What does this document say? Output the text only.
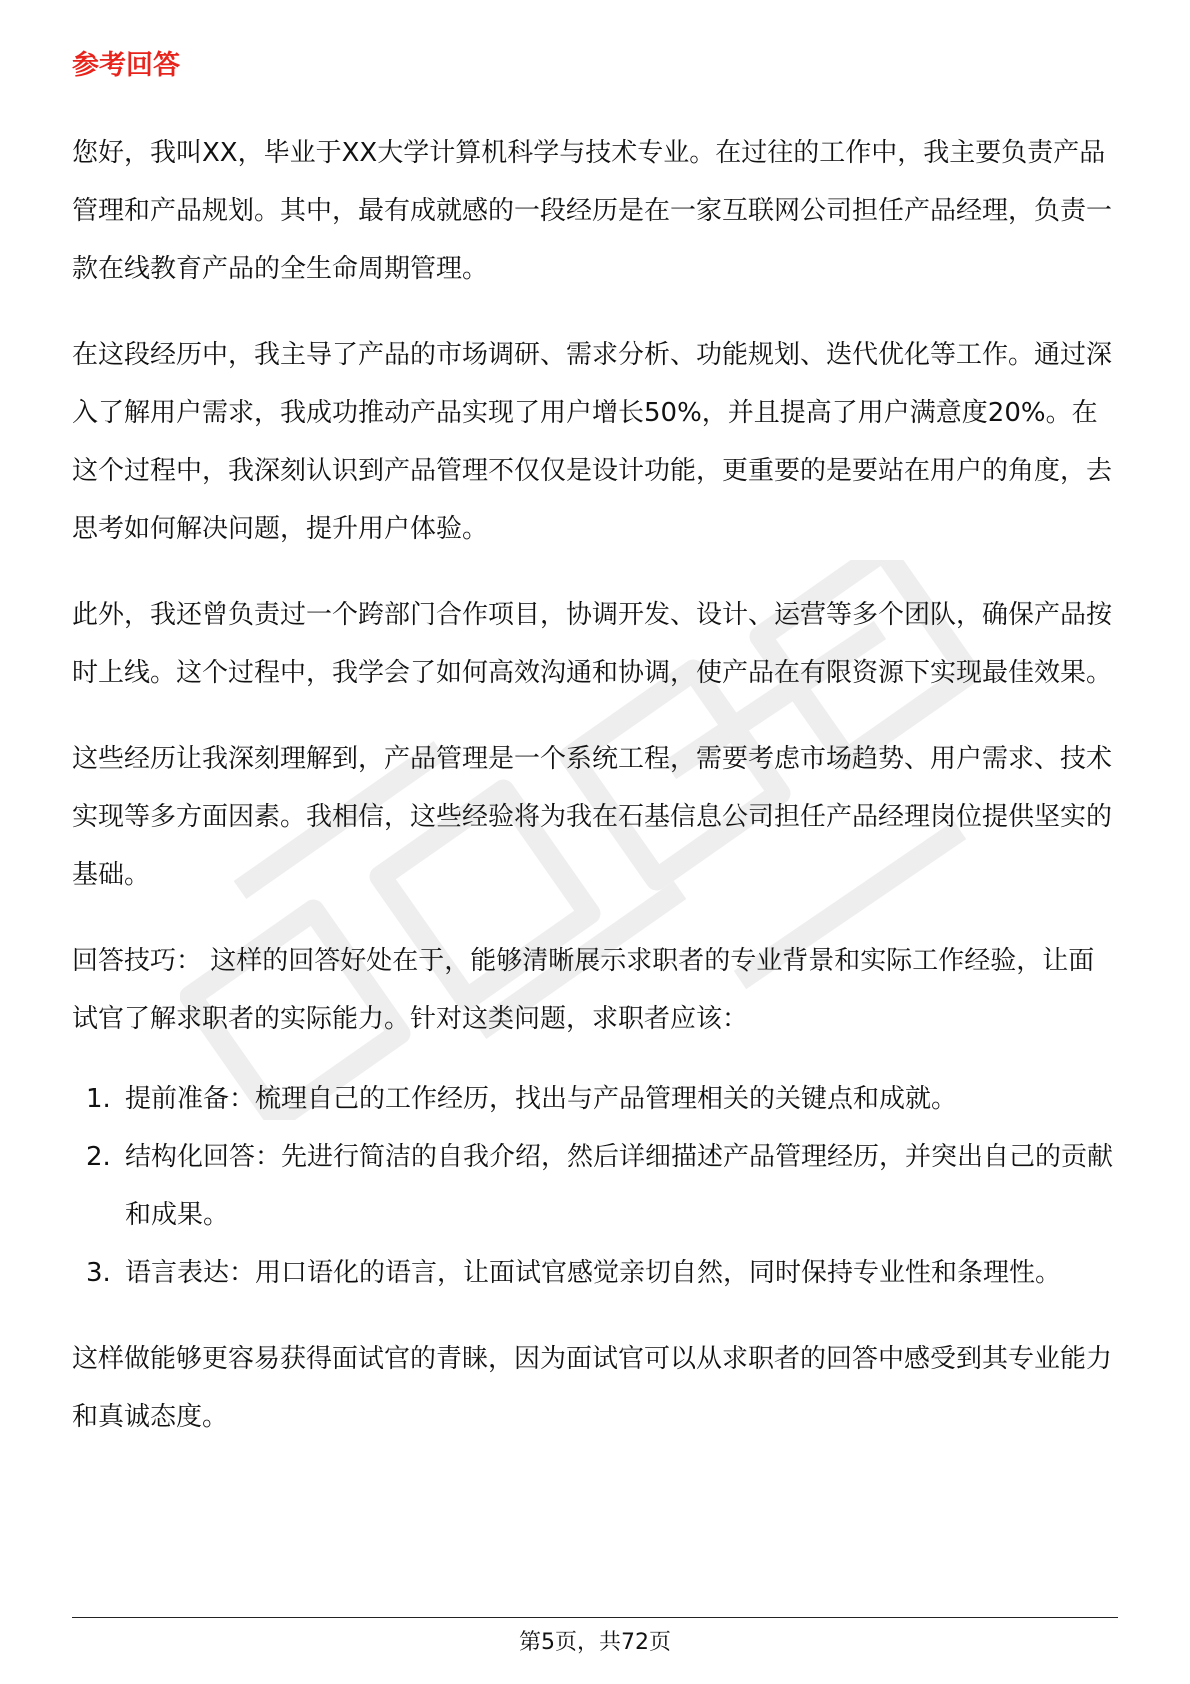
参考回答

您好，我叫XX，毕业于XX大学计算机科学与技术专业。在过往的工作中，我主要负责产品管理和产品规划。其中，最有成就感的一段经历是在一家互联网公司担任产品经理，负责一款在线教育产品的全生命周期管理。

在这段经历中，我主导了产品的市场调研、需求分析、功能规划、迭代优化等工作。通过深入了解用户需求，我成功推动产品实现了用户增长50%，并且提高了用户满意度20%。在这个过程中，我深刻认识到产品管理不仅仅是设计功能，更重要的是要站在用户的角度，去思考如何解决问题，提升用户体验。

此外，我还曾负责过一个跨部门合作项目，协调开发、设计、运营等多个团队，确保产品按时上线。这个过程中，我学会了如何高效沟通和协调，使产品在有限资源下实现最佳效果。

这些经历让我深刻理解到，产品管理是一个系统工程，需要考虑市场趋势、用户需求、技术实现等多方面因素。我相信，这些经验将为我在石基信息公司担任产品经理岗位提供坚实的基础。

回答技巧： 这样的回答好处在于，能够清晰展示求职者的专业背景和实际工作经验，让面试官了解求职者的实际能力。针对这类问题，求职者应该：

1. 提前准备：梳理自己的工作经历，找出与产品管理相关的关键点和成就。
2. 结构化回答：先进行简洁的自我介绍，然后详细描述产品管理经历，并突出自己的贡献和成果。
3. 语言表达：用口语化的语言，让面试官感觉亲切自然，同时保持专业性和条理性。

这样做能够更容易获得面试官的青睐，因为面试官可以从求职者的回答中感受到其专业能力和真诚态度。

第5页，共72页
